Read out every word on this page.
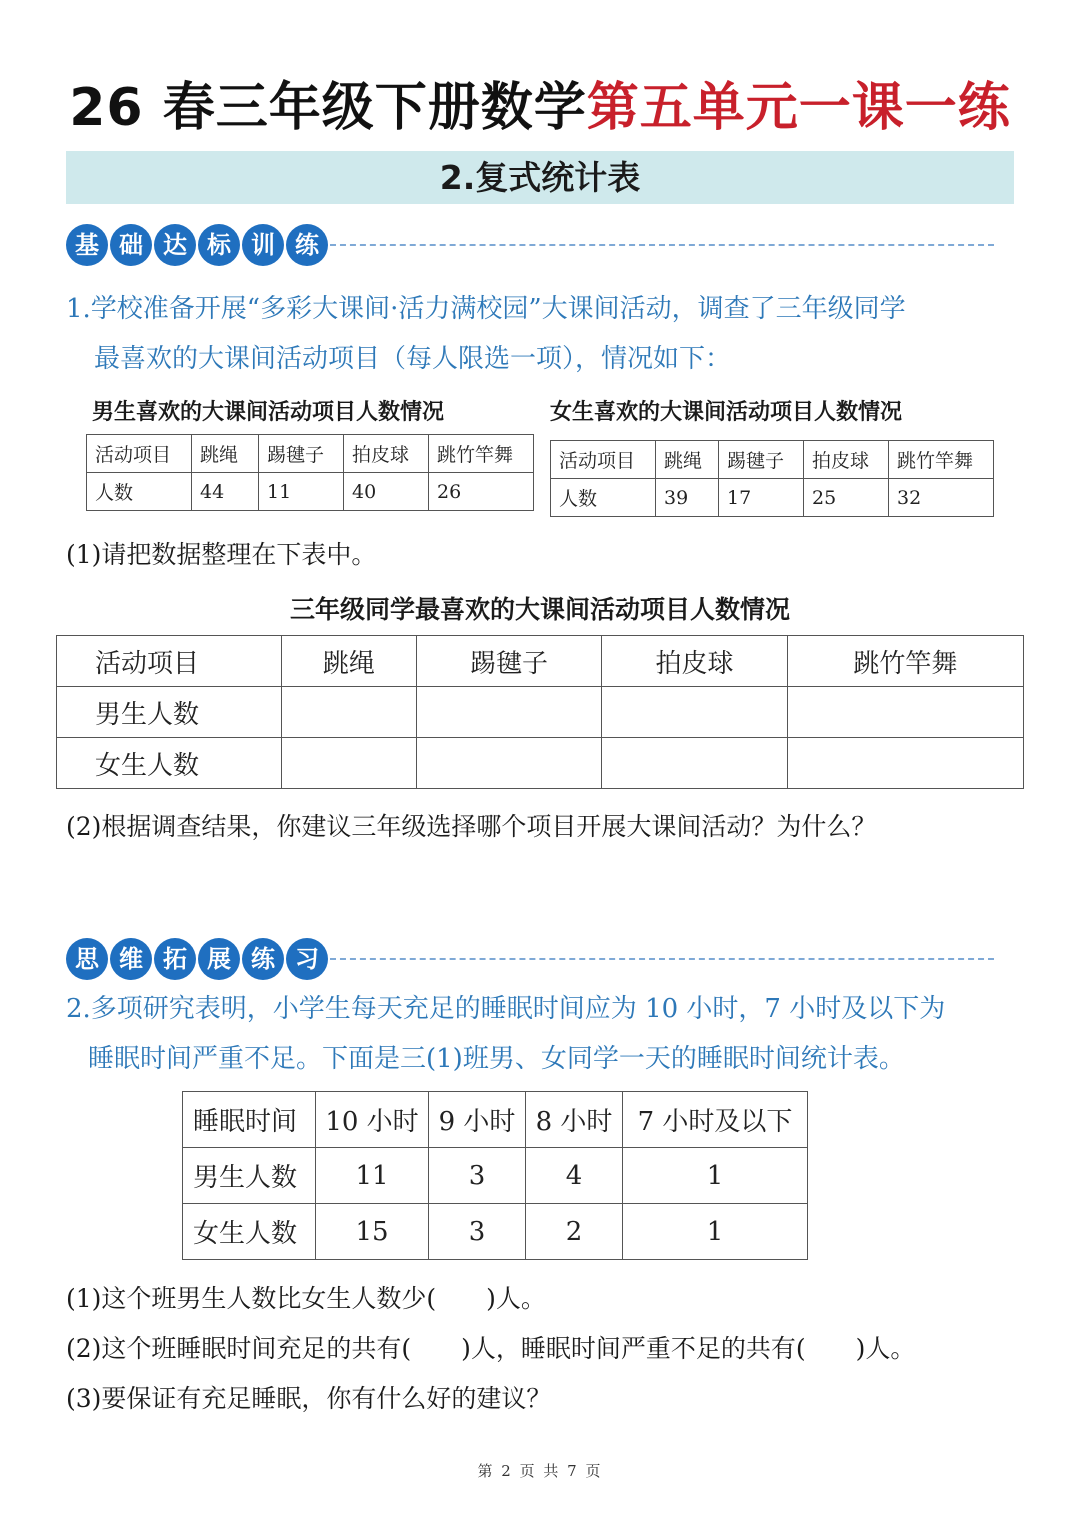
26 春三年级下册数学第五单元一课一练
2.复式统计表
基 础 达 标 训 练
1.学校准备开展“多彩大课间·活力满校园”大课间活动，调查了三年级同学
最喜欢的大课间活动项目（每人限选一项），情况如下：
男生喜欢的大课间活动项目人数情况	女生喜欢的大课间活动项目人数情况
活动项目	跳绳	踢毽子	拍皮球	跳竹竿舞
人数	44	11	40	26
活动项目	跳绳	踢毽子	拍皮球	跳竹竿舞
人数	39	17	25	32
(1)请把数据整理在下表中。
三年级同学最喜欢的大课间活动项目人数情况
活动项目	跳绳	踢毽子	拍皮球	跳竹竿舞
男生人数				
女生人数				
(2)根据调查结果，你建议三年级选择哪个项目开展大课间活动？为什么？
思 维 拓 展 练 习
2.多项研究表明，小学生每天充足的睡眠时间应为 10 小时，7 小时及以下为
睡眠时间严重不足。下面是三(1)班男、女同学一天的睡眠时间统计表。
睡眠时间	10 小时	9 小时	8 小时	7 小时及以下
男生人数	11	3	4	1
女生人数	15	3	2	1
(1)这个班男生人数比女生人数少(　　)人。
(2)这个班睡眠时间充足的共有(　　)人，睡眠时间严重不足的共有(　　)人。
(3)要保证有充足睡眠，你有什么好的建议？
第 2 页 共 7 页
